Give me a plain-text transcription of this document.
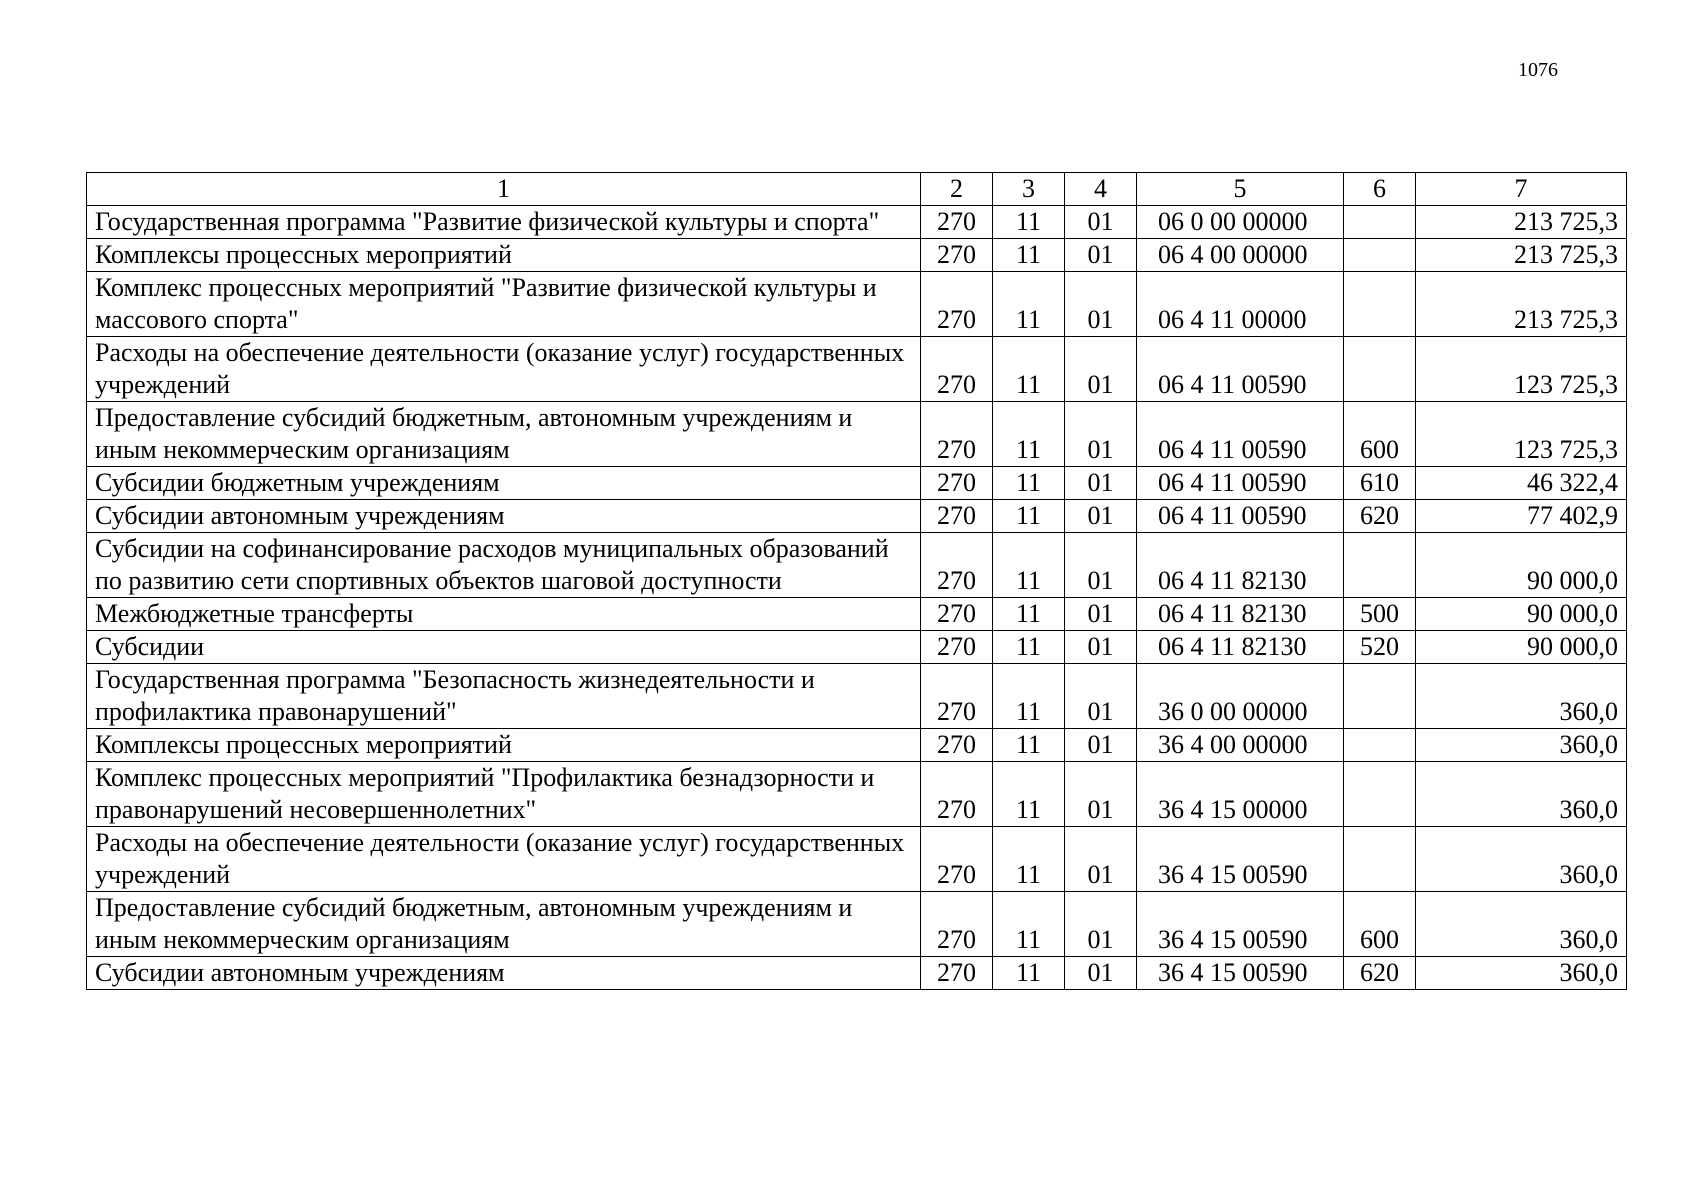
1076
1	2	3	4	5	6	7
Государственная программа "Развитие физической культуры и спорта"	270	11	01	06 0 00 00000		213 725,3
Комплексы процессных мероприятий	270	11	01	06 4 00 00000		213 725,3
Комплекс процессных мероприятий "Развитие физической культуры и массового спорта"	270	11	01	06 4 11 00000		213 725,3
Расходы на обеспечение деятельности (оказание услуг) государственных учреждений	270	11	01	06 4 11 00590		123 725,3
Предоставление субсидий бюджетным, автономным учреждениям и иным некоммерческим организациям	270	11	01	06 4 11 00590	600	123 725,3
Субсидии бюджетным учреждениям	270	11	01	06 4 11 00590	610	46 322,4
Субсидии автономным учреждениям	270	11	01	06 4 11 00590	620	77 402,9
Субсидии на софинансирование расходов муниципальных образований по развитию сети спортивных объектов шаговой доступности	270	11	01	06 4 11 82130		90 000,0
Межбюджетные трансферты	270	11	01	06 4 11 82130	500	90 000,0
Субсидии	270	11	01	06 4 11 82130	520	90 000,0
Государственная программа "Безопасность жизнедеятельности и профилактика правонарушений"	270	11	01	36 0 00 00000		360,0
Комплексы процессных мероприятий	270	11	01	36 4 00 00000		360,0
Комплекс процессных мероприятий "Профилактика безнадзорности и правонарушений несовершеннолетних"	270	11	01	36 4 15 00000		360,0
Расходы на обеспечение деятельности (оказание услуг) государственных учреждений	270	11	01	36 4 15 00590		360,0
Предоставление субсидий бюджетным, автономным учреждениям и иным некоммерческим организациям	270	11	01	36 4 15 00590	600	360,0
Субсидии автономным учреждениям	270	11	01	36 4 15 00590	620	360,0
